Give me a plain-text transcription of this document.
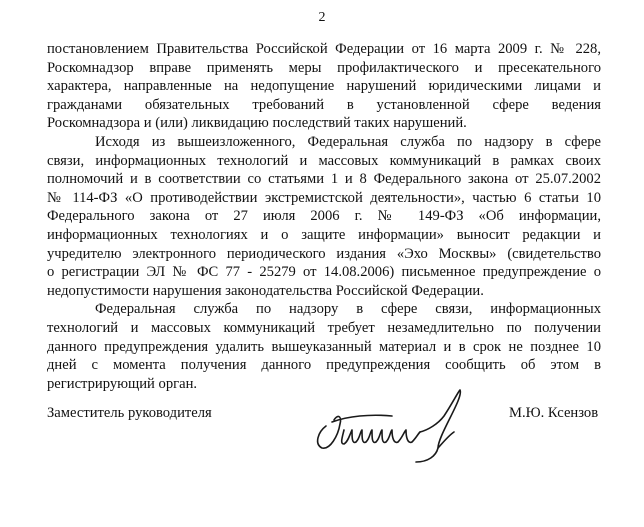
2

постановлением Правительства Российской Федерации от 16 марта 2009 г. № 228,
Роскомнадзор вправе применять меры профилактического и пресекательного
характера, направленные на недопущение нарушений юридическими лицами и
гражданами обязательных требований в установленной сфере ведения
Роскомнадзора и (или) ликвидацию последствий таких нарушений.

Исходя из вышеизложенного, Федеральная служба по надзору в сфере
связи, информационных технологий и массовых коммуникаций в рамках своих
полномочий и в соответствии со статьями 1 и 8 Федерального закона от 25.07.2002
№ 114-ФЗ «О противодействии экстремистской деятельности», частью 6 статьи 10
Федерального закона от 27 июля 2006 г. № 149-ФЗ «Об информации,
информационных технологиях и о защите информации» выносит редакции и
учредителю электронного периодического издания «Эхо Москвы» (свидетельство
о регистрации ЭЛ № ФС 77 - 25279 от 14.08.2006) письменное предупреждение о
недопустимости нарушения законодательства Российской Федерации.

Федеральная служба по надзору в сфере связи, информационных
технологий и массовых коммуникаций требует незамедлительно по получении
данного предупреждения удалить вышеуказанный материал и в срок не позднее 10
дней с момента получения данного предупреждения сообщить об этом в
регистрирующий орган.

Заместитель руководителя	М.Ю. Ксензов
